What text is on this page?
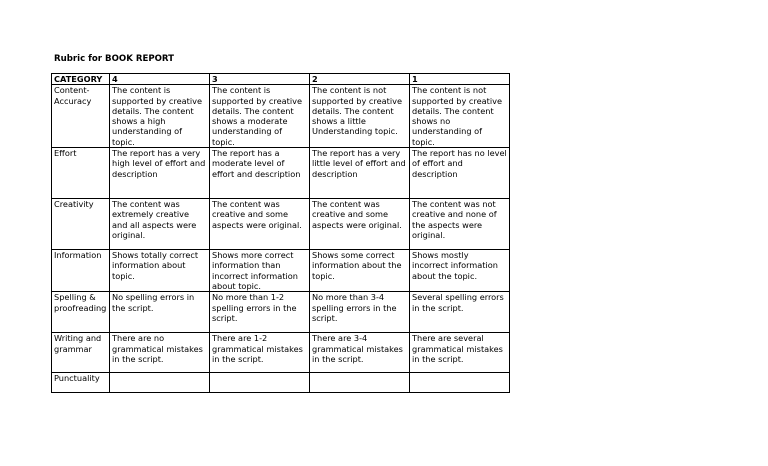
Rubric for BOOK REPORT
CATEGORY	4	3	2	1
Content-Accuracy	The content is supported by creative details. The content shows a high understanding of topic.	The content is supported by creative details. The content shows a moderate understanding of topic.	The content is not supported by creative details. The content shows a little Understanding topic.	The content is not supported by creative details. The content shows no understanding of topic.
Effort	The report has a very high level of effort and description	The report has a moderate level of effort and description	The report has a very little level of effort and description	The report has no level of effort and description
Creativity	The content was extremely creative and all aspects were original.	The content was creative and some aspects were original.	The content was creative and some aspects were original.	The content was not creative and none of the aspects were original.
Information	Shows totally correct information about topic.	Shows more correct information than incorrect information about topic.	Shows some correct information about the topic.	Shows mostly incorrect information about the topic.
Spelling & proofreading	No spelling errors in the script.	No more than 1-2 spelling errors in the script.	No more than 3-4 spelling errors in the script.	Several spelling errors in the script.
Writing and grammar	There are no grammatical mistakes in the script.	There are 1-2 grammatical mistakes in the script.	There are 3-4 grammatical mistakes in the script.	There are several grammatical mistakes in the script.
Punctuality				
